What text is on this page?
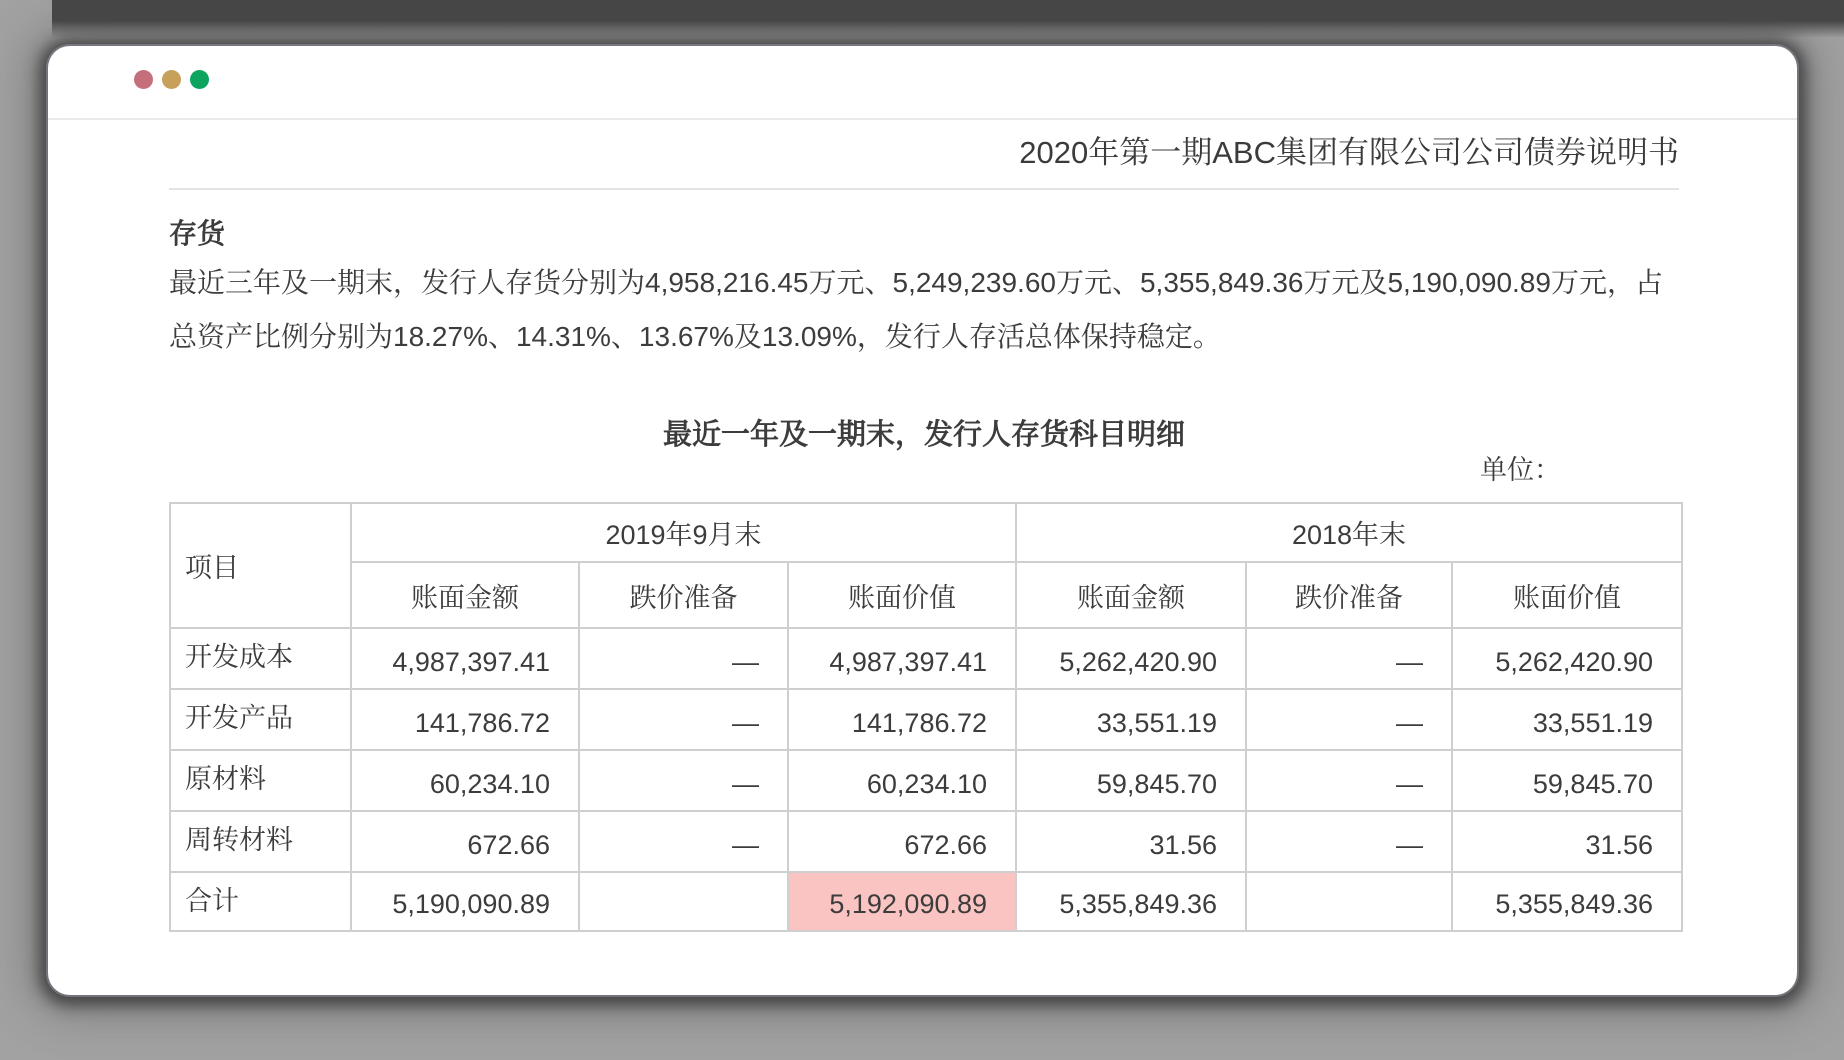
2020年第一期ABC集团有限公司公司债券说明书
存货
最近三年及一期末，发行人存货分别为4,958,216.45万元、5,249,239.60万元、5,355,849.36万元及5,190,090.89万元，占总资产比例分别为18.27%、14.31%、13.67%及13.09%，发行人存活总体保持稳定。
最近一年及一期末，发行人存货科目明细
单位：
项目	2019年9月末			2018年末		
	账面金额	跌价准备	账面价值	账面金额	跌价准备	账面价值
开发成本	4,987,397.41	—	4,987,397.41	5,262,420.90	—	5,262,420.90
开发产品	141,786.72	—	141,786.72	33,551.19	—	33,551.19
原材料	60,234.10	—	60,234.10	59,845.70	—	59,845.70
周转材料	672.66	—	672.66	31.56	—	31.56
合计	5,190,090.89		5,192,090.89	5,355,849.36		5,355,849.36
